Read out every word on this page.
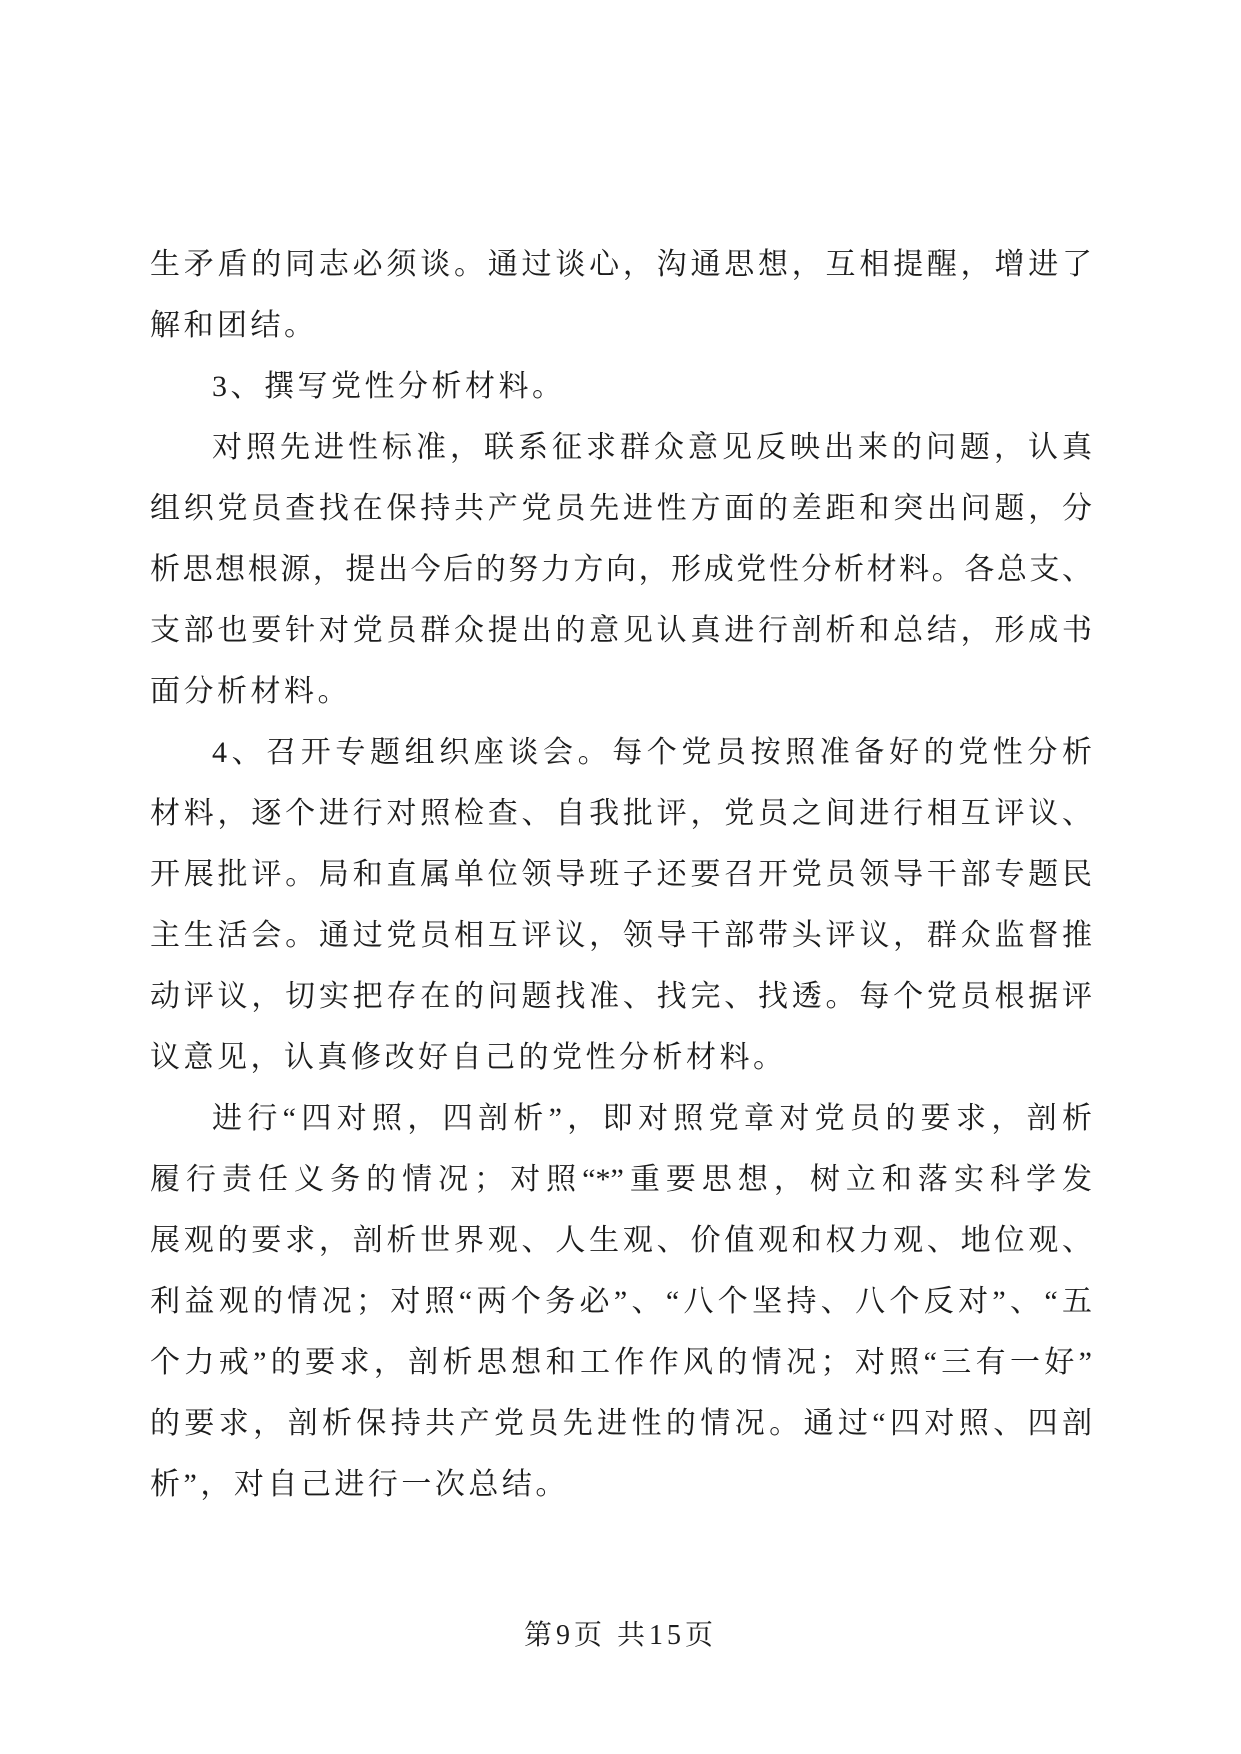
生矛盾的同志必须谈。通过谈心，沟通思想，互相提醒，增进了
解和团结。
3、撰写党性分析材料。
对照先进性标准，联系征求群众意见反映出来的问题，认真
组织党员查找在保持共产党员先进性方面的差距和突出问题，分
析思想根源，提出今后的努力方向，形成党性分析材料。各总支、
支部也要针对党员群众提出的意见认真进行剖析和总结，形成书
面分析材料。
4、召开专题组织座谈会。每个党员按照准备好的党性分析
材料，逐个进行对照检查、自我批评，党员之间进行相互评议、
开展批评。局和直属单位领导班子还要召开党员领导干部专题民
主生活会。通过党员相互评议，领导干部带头评议，群众监督推
动评议，切实把存在的问题找准、找完、找透。每个党员根据评
议意见，认真修改好自己的党性分析材料。
进行“四对照，四剖析”，即对照党章对党员的要求，剖析
履行责任义务的情况；对照“*”重要思想，树立和落实科学发
展观的要求，剖析世界观、人生观、价值观和权力观、地位观、
利益观的情况；对照“两个务必”、“八个坚持、八个反对”、“五
个力戒”的要求，剖析思想和工作作风的情况；对照“三有一好”
的要求，剖析保持共产党员先进性的情况。通过“四对照、四剖
析”，对自己进行一次总结。
第9页 共15页
